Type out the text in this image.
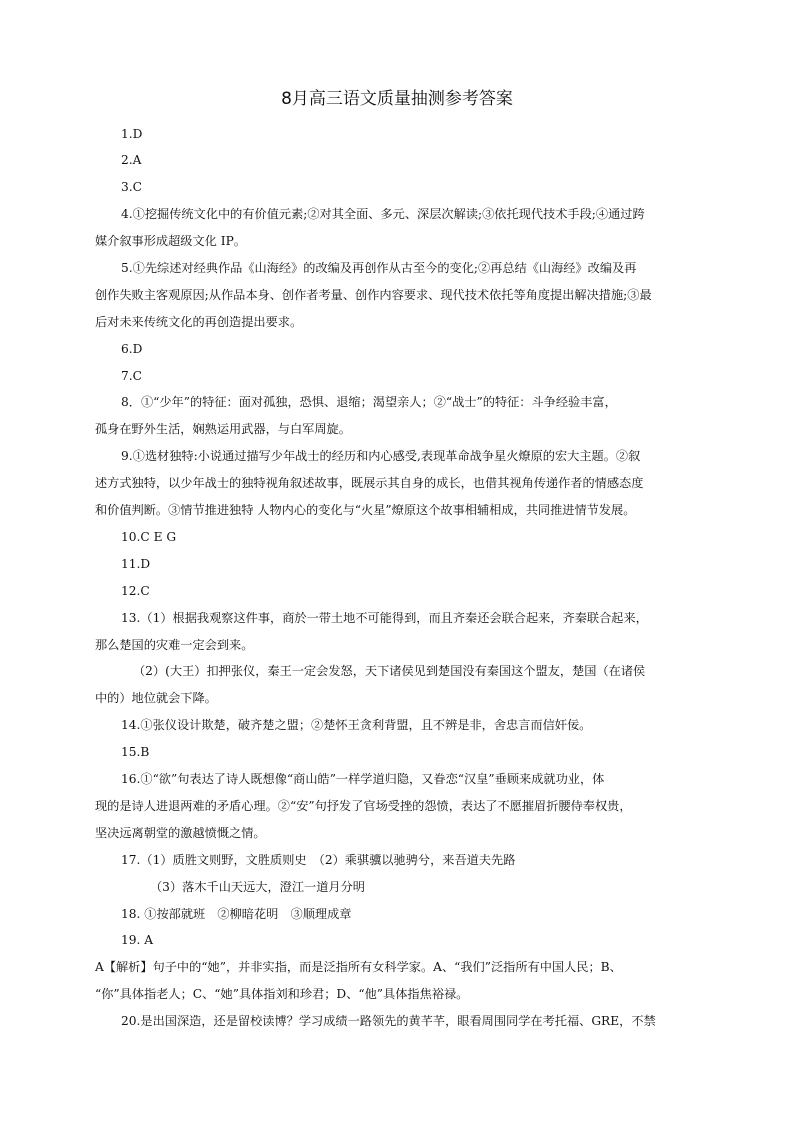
8月高三语文质量抽测参考答案
1.D
2.A
3.C
4.①挖掘传统文化中的有价值元素;②对其全面、多元、深层次解读;③依托现代技术手段;④通过跨
媒介叙事形成超级文化 IP。
5.①先综述对经典作品《山海经》的改编及再创作从古至今的变化;②再总结《山海经》改编及再
创作失败主客观原因;从作品本身、创作者考量、创作内容要求、现代技术依托等角度提出解决措施;③最
后对未来传统文化的再创造提出要求。
6.D
7.C
8．①“少年”的特征：面对孤独，恐惧、退缩；渴望亲人；②“战士”的特征：斗争经验丰富，
孤身在野外生活，娴熟运用武器，与白军周旋。
9.①选材独特:小说通过描写少年战士的经历和内心感受,表现革命战争星火燎原的宏大主题。②叙
述方式独特，以少年战士的独特视角叙述故事，既展示其自身的成长，也借其视角传递作者的情感态度
和价值判断。③情节推进独特 人物内心的变化与“火星”燎原这个故事相辅相成，共同推进情节发展。
10.C E G
11.D
12.C
13.（1）根据我观察这件事，商於一带土地不可能得到，而且齐秦还会联合起来，齐秦联合起来，
那么楚国的灾难一定会到来。
（2）(大王）扣押张仪，秦王一定会发怒，天下诸侯见到楚国没有秦国这个盟友，楚国（在诸侯
中的）地位就会下降。
14.①张仪设计欺楚，破齐楚之盟；②楚怀王贪利背盟，且不辨是非，舍忠言而信奸佞。
15.B
16.①“欲”句表达了诗人既想像“商山皓”一样学道归隐，又眷恋“汉皇”垂顾来成就功业，体
现的是诗人进退两难的矛盾心理。②“安”句抒发了官场受挫的怨愤，表达了不愿摧眉折腰侍奉权贵，
坚决远离朝堂的激越愤慨之情。
17.（1）质胜文则野，文胜质则史　（2）乘骐骥以驰骋兮，来吾道夫先路
（3）落木千山天远大，澄江一道月分明
18. ①按部就班　②柳暗花明　③顺理成章
19. A
A【解析】句子中的“她”，并非实指，而是泛指所有女科学家。A、“我们”泛指所有中国人民；B、
“你”具体指老人；C、“她”具体指刘和珍君；D、“他”具体指焦裕禄。
20.是出国深造，还是留校读博？学习成绩一路领先的黄芊芊，眼看周围同学在考托福、GRE，不禁
